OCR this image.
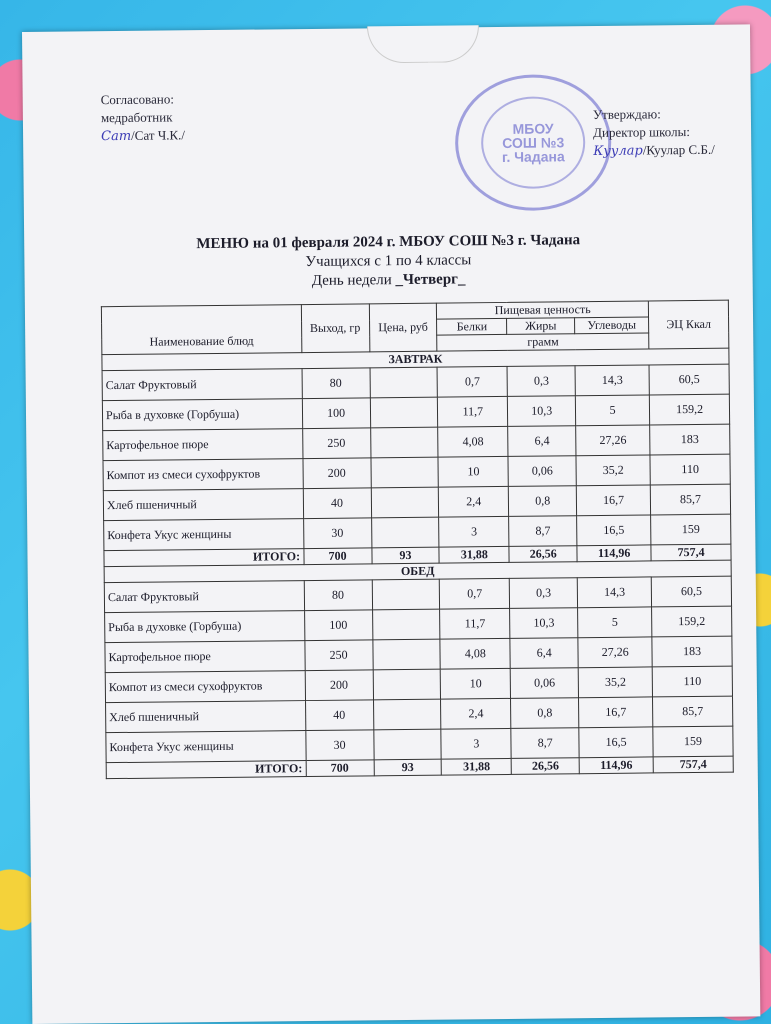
Согласовано:
медработник
Сат/Сат Ч.К./	МБОУ СОШ №3 г. Чадана
Утверждаю:
Директор школы:
Куулар/Куулар С.Б./
МЕНЮ на 01 февраля 2024 г. МБОУ СОШ №3 г. Чадана
Учащихся с 1 по 4 классы
День недели _Четверг_
Наименование блюд	Выход, гр	Цена, руб	Пищевая ценность			ЭЦ Ккал
			Белки	Жиры	Углеводы	
			грамм			
ЗАВТРАК						
Салат Фруктовый	80		0,7	0,3	14,3	60,5
Рыба в духовке (Горбуша)	100		11,7	10,3	5	159,2
Картофельное пюре	250		4,08	6,4	27,26	183
Компот из смеси сухофруктов	200		10	0,06	35,2	110
Хлеб пшеничный	40		2,4	0,8	16,7	85,7
Конфета Укус женщины	30		3	8,7	16,5	159
ИТОГО:	700	93	31,88	26,56	114,96	757,4
ОБЕД						
Салат Фруктовый	80		0,7	0,3	14,3	60,5
Рыба в духовке (Горбуша)	100		11,7	10,3	5	159,2
Картофельное пюре	250		4,08	6,4	27,26	183
Компот из смеси сухофруктов	200		10	0,06	35,2	110
Хлеб пшеничный	40		2,4	0,8	16,7	85,7
Конфета Укус женщины	30		3	8,7	16,5	159
ИТОГО:	700	93	31,88	26,56	114,96	757,4
